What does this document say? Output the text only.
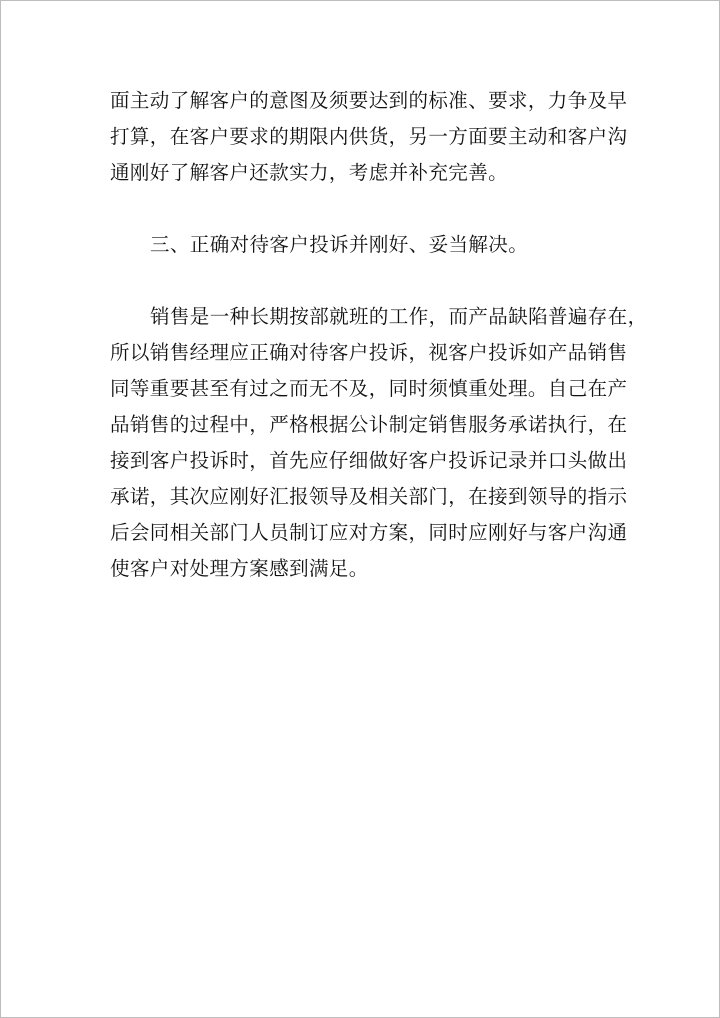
面主动了解客户的意图及须要达到的标准、要求，力争及早
打算，在客户要求的期限内供货，另一方面要主动和客户沟
通刚好了解客户还款实力，考虑并补充完善。
三、正确对待客户投诉并刚好、妥当解决。
销售是一种长期按部就班的工作，而产品缺陷普遍存在，
所以销售经理应正确对待客户投诉，视客户投诉如产品销售
同等重要甚至有过之而无不及，同时须慎重处理。自己在产
品销售的过程中，严格根据公讣制定销售服务承诺执行，在
接到客户投诉时，首先应仔细做好客户投诉记录并口头做出
承诺，其次应刚好汇报领导及相关部门，在接到领导的指示
后会同相关部门人员制订应对方案，同时应刚好与客户沟通
使客户对处理方案感到满足。
